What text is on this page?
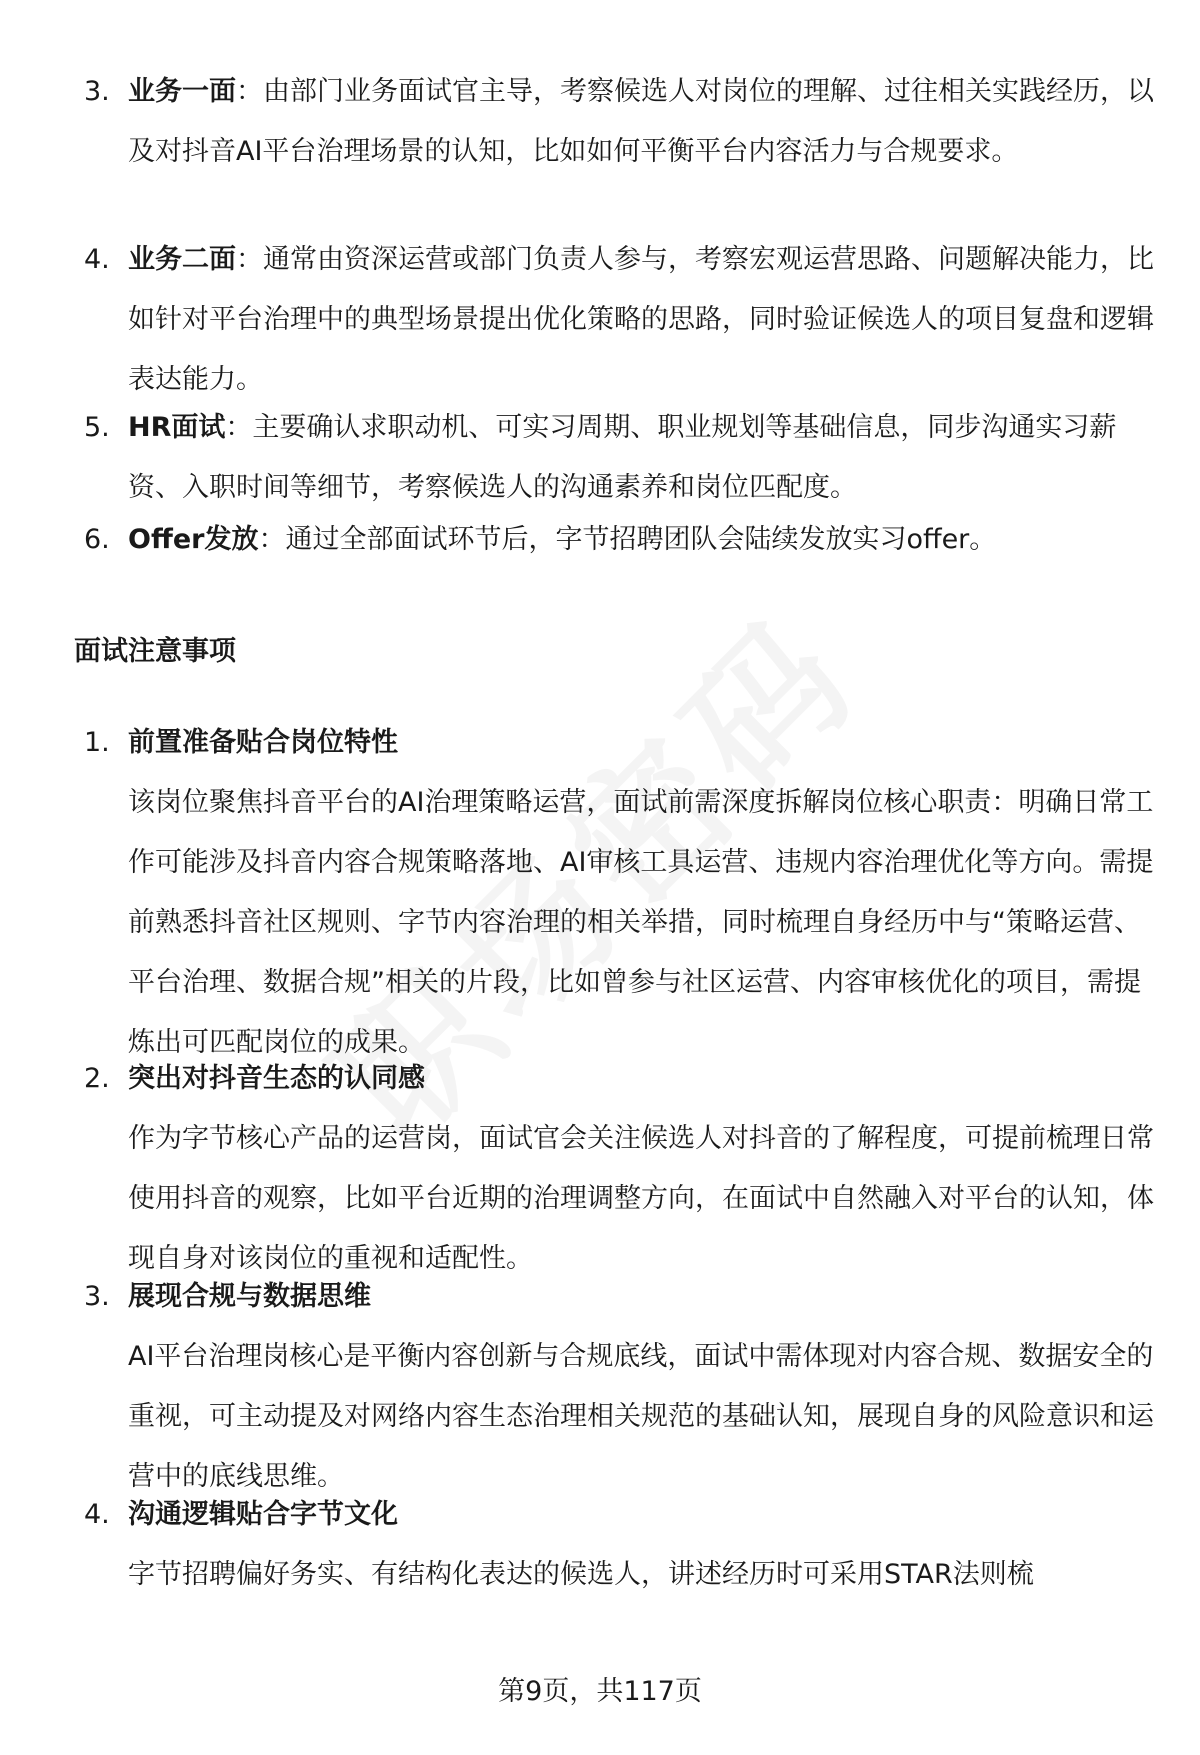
3. 业务一面：由部门业务面试官主导，考察候选人对岗位的理解、过往相关实践经历，以及对抖音AI平台治理场景的认知，比如如何平衡平台内容活力与合规要求。
4. 业务二面：通常由资深运营或部门负责人参与，考察宏观运营思路、问题解决能力，比如针对平台治理中的典型场景提出优化策略的思路，同时验证候选人的项目复盘和逻辑表达能力。
5. HR面试：主要确认求职动机、可实习周期、职业规划等基础信息，同步沟通实习薪资、入职时间等细节，考察候选人的沟通素养和岗位匹配度。
6. Offer发放：通过全部面试环节后，字节招聘团队会陆续发放实习offer。
面试注意事项
1. 前置准备贴合岗位特性
该岗位聚焦抖音平台的AI治理策略运营，面试前需深度拆解岗位核心职责：明确日常工作可能涉及抖音内容合规策略落地、AI审核工具运营、违规内容治理优化等方向。需提前熟悉抖音社区规则、字节内容治理的相关举措，同时梳理自身经历中与“策略运营、平台治理、数据合规”相关的片段，比如曾参与社区运营、内容审核优化的项目，需提炼出可匹配岗位的成果。
2. 突出对抖音生态的认同感
作为字节核心产品的运营岗，面试官会关注候选人对抖音的了解程度，可提前梳理日常使用抖音的观察，比如平台近期的治理调整方向，在面试中自然融入对平台的认知，体现自身对该岗位的重视和适配性。
3. 展现合规与数据思维
AI平台治理岗核心是平衡内容创新与合规底线，面试中需体现对内容合规、数据安全的重视，可主动提及对网络内容生态治理相关规范的基础认知，展现自身的风险意识和运营中的底线思维。
4. 沟通逻辑贴合字节文化
字节招聘偏好务实、有结构化表达的候选人，讲述经历时可采用STAR法则梳
第9页，共117页
